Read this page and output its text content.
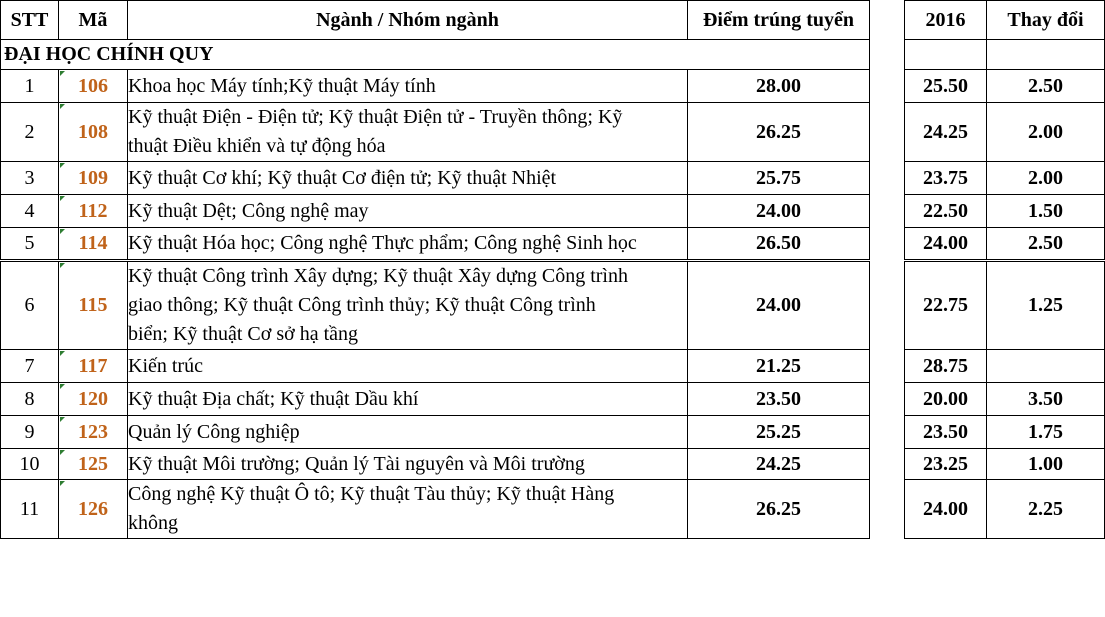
STT	Mã	Ngành / Nhóm ngành	Điểm trúng tuyển		2016	Thay đổi
ĐẠI HỌC CHÍNH QUY						
1	106	Khoa học Máy tính;Kỹ thuật Máy tính	28.00		25.50	2.50
2	108	Kỹ thuật Điện - Điện tử; Kỹ thuật Điện tử - Truyền thông; Kỹ
thuật Điều khiển và tự động hóa	26.25		24.25	2.00
3	109	Kỹ thuật Cơ khí; Kỹ thuật Cơ điện tử; Kỹ thuật Nhiệt	25.75		23.75	2.00
4	112	Kỹ thuật Dệt; Công nghệ may	24.00		22.50	1.50
5	114	Kỹ thuật Hóa học; Công nghệ Thực phẩm; Công nghệ Sinh học	26.50		24.00	2.50
6	115	Kỹ thuật Công trình Xây dựng; Kỹ thuật Xây dựng Công trình
giao thông; Kỹ thuật Công trình thủy; Kỹ thuật Công trình
biển; Kỹ thuật Cơ sở hạ tầng	24.00		22.75	1.25
7	117	Kiến trúc	21.25		28.75	
8	120	Kỹ thuật Địa chất; Kỹ thuật Dầu khí	23.50		20.00	3.50
9	123	Quản lý Công nghiệp	25.25		23.50	1.75
10	125	Kỹ thuật Môi trường; Quản lý Tài nguyên và Môi trường	24.25		23.25	1.00
11	126	Công nghệ Kỹ thuật Ô tô; Kỹ thuật Tàu thủy; Kỹ thuật Hàng
không	26.25		24.00	2.25
